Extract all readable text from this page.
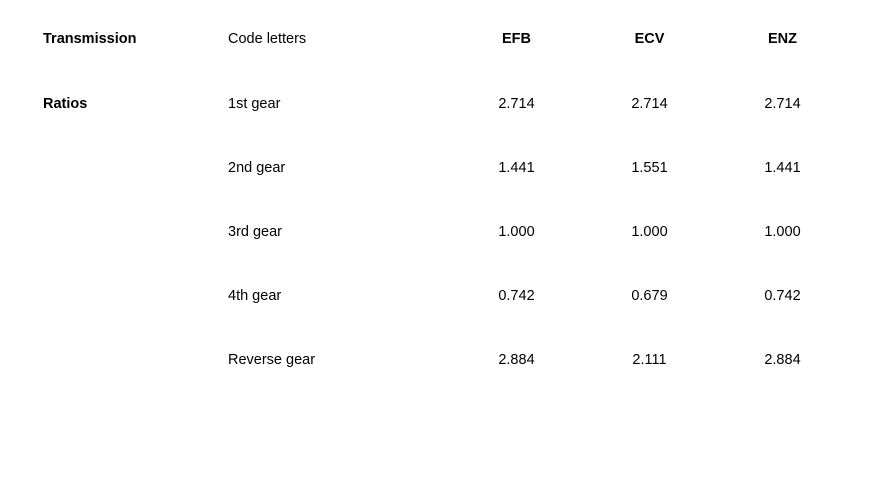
Transmission	Code letters	EFB	ECV	ENZ

Ratios	1st gear	2.714	2.714	2.714

	2nd gear	1.441	1.551	1.441

	3rd gear	1.000	1.000	1.000

	4th gear	0.742	0.679	0.742

	Reverse gear	2.884	2.111	2.884
